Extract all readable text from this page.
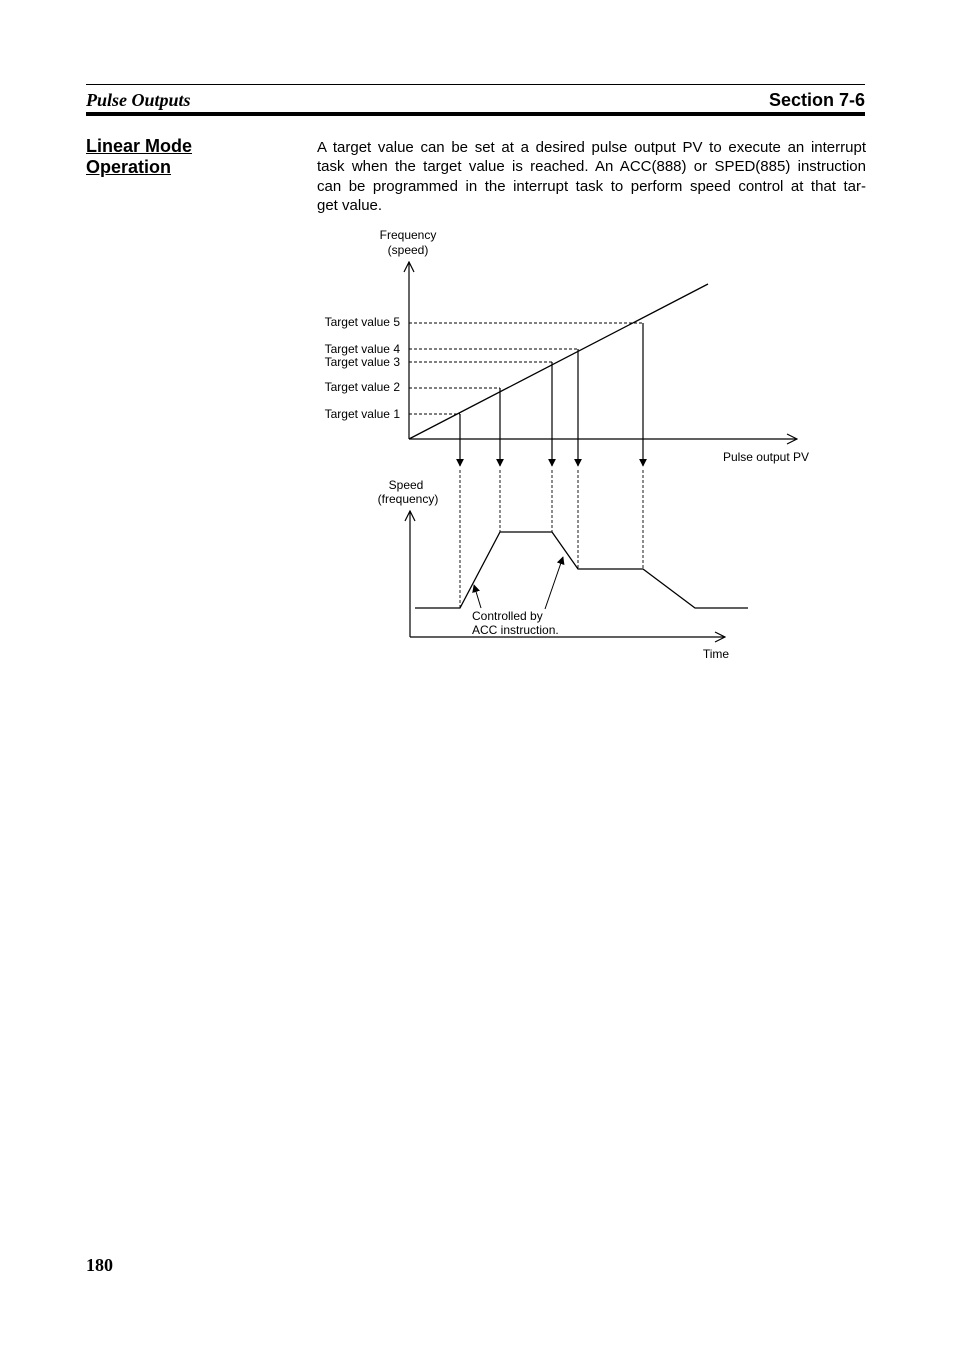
Pulse Outputs	Section 7-6
Linear Mode
Operation
A target value can be set at a desired pulse output PV to execute an interrupt
task when the target value is reached. An ACC(888) or SPED(885) instruction
can be programmed in the interrupt task to perform speed control at that tar-
get value.
Frequency
(speed)
Pulse output PV
Target value 5
Target value 4
Target value 3
Target value 2
Target value 1
Speed
(frequency)
Time
Controlled by
ACC instruction.
180
